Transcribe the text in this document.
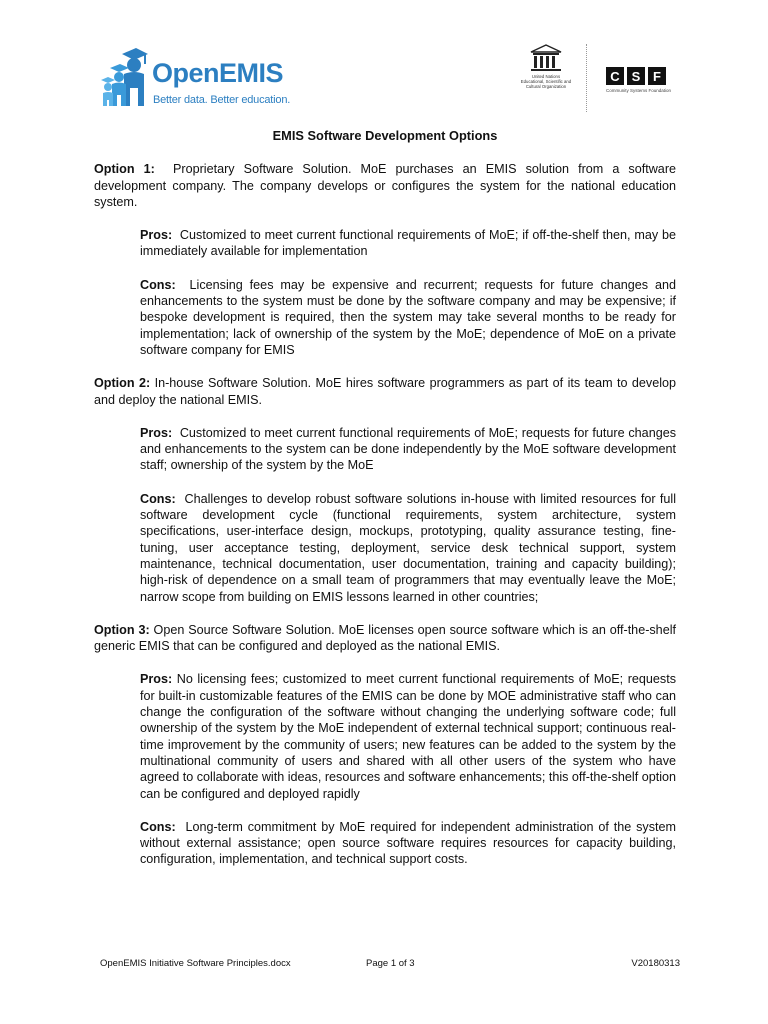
OpenEMIS
Better data. Better education.
United Nations
Educational, Scientific and
Cultural Organization
C S F
Community Systems Foundation
EMIS Software Development Options

Option 1: Proprietary Software Solution. MoE purchases an EMIS solution from a software development company. The company develops or configures the system for the national education system.

Pros: Customized to meet current functional requirements of MoE; if off-the-shelf then, may be immediately available for implementation

Cons: Licensing fees may be expensive and recurrent; requests for future changes and enhancements to the system must be done by the software company and may be expensive; if bespoke development is required, then the system may take several months to be ready for implementation; lack of ownership of the system by the MoE; dependence of MoE on a private software company for EMIS

Option 2: In-house Software Solution. MoE hires software programmers as part of its team to develop and deploy the national EMIS.

Pros: Customized to meet current functional requirements of MoE; requests for future changes and enhancements to the system can be done independently by the MoE software development staff; ownership of the system by the MoE

Cons: Challenges to develop robust software solutions in-house with limited resources for full software development cycle (functional requirements, system architecture, system specifications, user-interface design, mockups, prototyping, quality assurance testing, fine-tuning, user acceptance testing, deployment, service desk technical support, system maintenance, technical documentation, user documentation, training and capacity building); high-risk of dependence on a small team of programmers that may eventually leave the MoE; narrow scope from building on EMIS lessons learned in other countries;

Option 3: Open Source Software Solution. MoE licenses open source software which is an off-the-shelf generic EMIS that can be configured and deployed as the national EMIS.

Pros: No licensing fees; customized to meet current functional requirements of MoE; requests for built-in customizable features of the EMIS can be done by MOE administrative staff who can change the configuration of the software without changing the underlying software code; full ownership of the system by the MoE independent of external technical support; continuous real-time improvement by the community of users; new features can be added to the system by the multinational community of users and shared with all other users of the system who have agreed to collaborate with ideas, resources and software enhancements; this off-the-shelf option can be configured and deployed rapidly

Cons: Long-term commitment by MoE required for independent administration of the system without external assistance; open source software requires resources for capacity building, configuration, implementation, and technical support costs.

OpenEMIS Initiative Software Principles.docx	Page 1 of 3	V20180313
